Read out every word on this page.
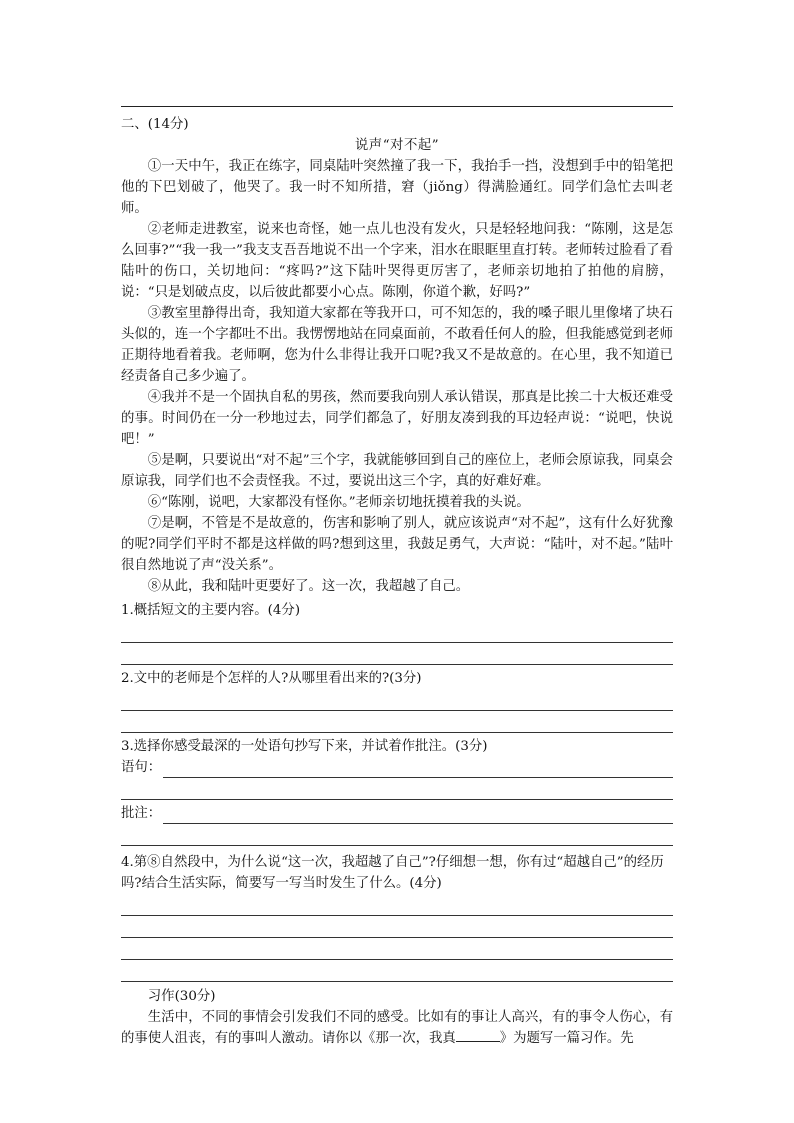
二、(14分)

说声“对不起”

①一天中午，我正在练字，同桌陆叶突然撞了我一下，我抬手一挡，没想到手中的铅笔把他的下巴划破了，他哭了。我一时不知所措，窘（jiǒng）得满脸通红。同学们急忙去叫老师。

②老师走进教室，说来也奇怪，她一点儿也没有发火，只是轻轻地问我：“陈刚，这是怎么回事?”“我一我一”我支支吾吾地说不出一个字来，泪水在眼眶里直打转。老师转过脸看了看陆叶的伤口，关切地问：“疼吗?”这下陆叶哭得更厉害了，老师亲切地拍了拍他的肩膀，说：“只是划破点皮，以后彼此都要小心点。陈刚，你道个歉，好吗?”

③教室里静得出奇，我知道大家都在等我开口，可不知怎的，我的嗓子眼儿里像堵了块石头似的，连一个字都吐不出。我愣愣地站在同桌面前，不敢看任何人的脸，但我能感觉到老师正期待地看着我。老师啊，您为什么非得让我开口呢?我又不是故意的。在心里，我不知道已经责备自己多少遍了。

④我并不是一个固执自私的男孩，然而要我向别人承认错误，那真是比挨二十大板还难受的事。时间仍在一分一秒地过去，同学们都急了，好朋友凑到我的耳边轻声说：“说吧，快说吧！”

⑤是啊，只要说出“对不起”三个字，我就能够回到自己的座位上，老师会原谅我，同桌会原谅我，同学们也不会责怪我。不过，要说出这三个字，真的好难好难。

⑥“陈刚，说吧，大家都没有怪你。”老师亲切地抚摸着我的头说。

⑦是啊，不管是不是故意的，伤害和影响了别人，就应该说声“对不起”，这有什么好犹豫的呢?同学们平时不都是这样做的吗?想到这里，我鼓足勇气，大声说：“陆叶，对不起。”陆叶很自然地说了声“没关系”。

⑧从此，我和陆叶更要好了。这一次，我超越了自己。

1.概括短文的主要内容。(4分)

2.文中的老师是个怎样的人?从哪里看出来的?(3分)

3.选择你感受最深的一处语句抄写下来，并试着作批注。(3分)

语句：
批注：

4.第⑧自然段中，为什么说“这一次，我超越了自己”?仔细想一想，你有过“超越自己”的经历吗?结合生活实际，简要写一写当时发生了什么。(4分)

习作(30分)

生活中，不同的事情会引发我们不同的感受。比如有的事让人高兴，有的事令人伤心，有的事使人沮丧，有的事叫人激动。请你以《那一次，我真	》为题写一篇习作。先
